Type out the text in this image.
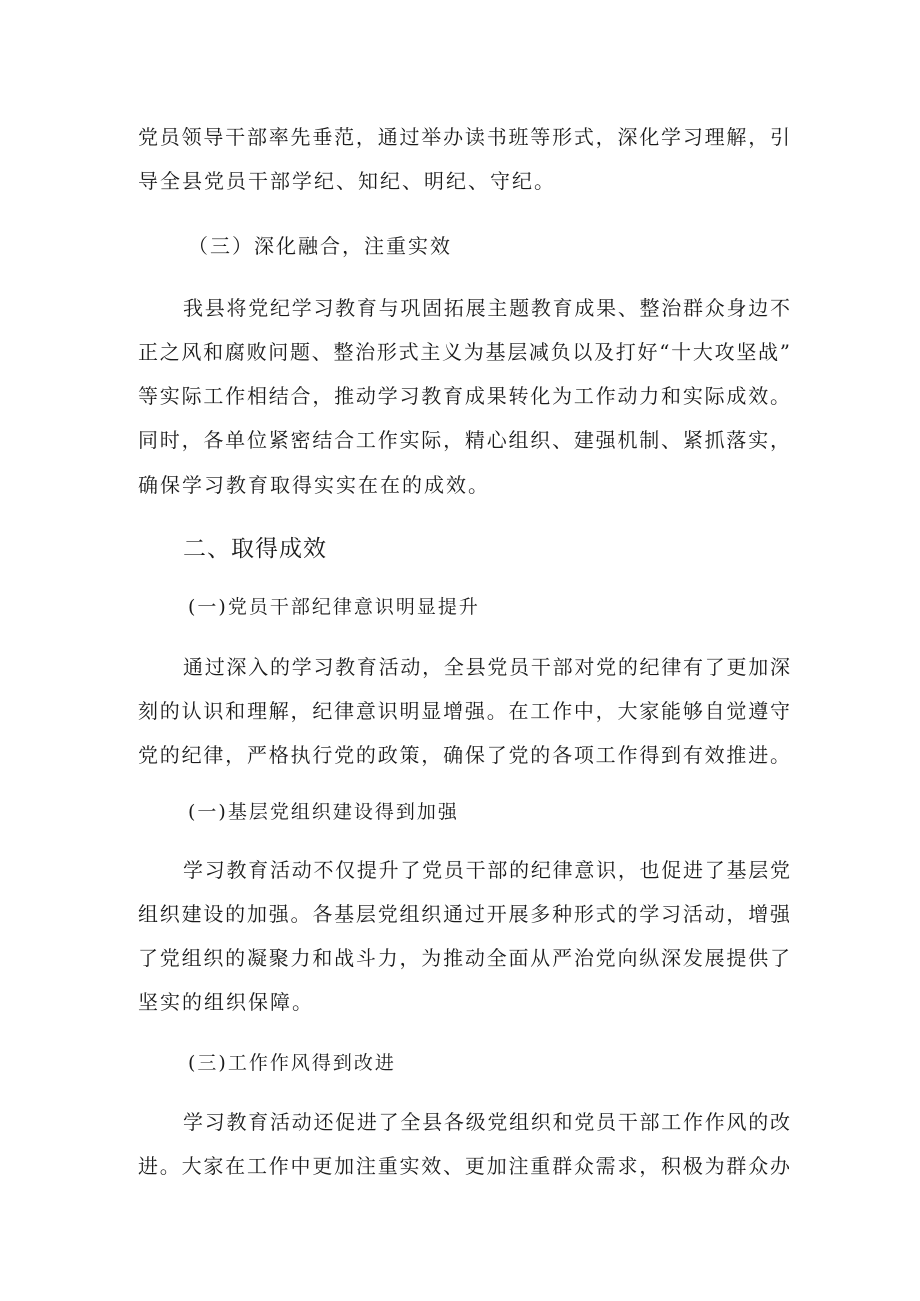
党员领导干部率先垂范，通过举办读书班等形式，深化学习理解，引
导全县党员干部学纪、知纪、明纪、守纪。
（三）深化融合，注重实效
我县将党纪学习教育与巩固拓展主题教育成果、整治群众身边不
正之风和腐败问题、整治形式主义为基层减负以及打好“十大攻坚战”
等实际工作相结合，推动学习教育成果转化为工作动力和实际成效。
同时，各单位紧密结合工作实际，精心组织、建强机制、紧抓落实，
确保学习教育取得实实在在的成效。
二、取得成效
(一)党员干部纪律意识明显提升
通过深入的学习教育活动，全县党员干部对党的纪律有了更加深
刻的认识和理解，纪律意识明显增强。在工作中，大家能够自觉遵守
党的纪律，严格执行党的政策，确保了党的各项工作得到有效推进。
(一)基层党组织建设得到加强
学习教育活动不仅提升了党员干部的纪律意识，也促进了基层党
组织建设的加强。各基层党组织通过开展多种形式的学习活动，增强
了党组织的凝聚力和战斗力，为推动全面从严治党向纵深发展提供了
坚实的组织保障。
(三)工作作风得到改进
学习教育活动还促进了全县各级党组织和党员干部工作作风的改
进。大家在工作中更加注重实效、更加注重群众需求，积极为群众办
